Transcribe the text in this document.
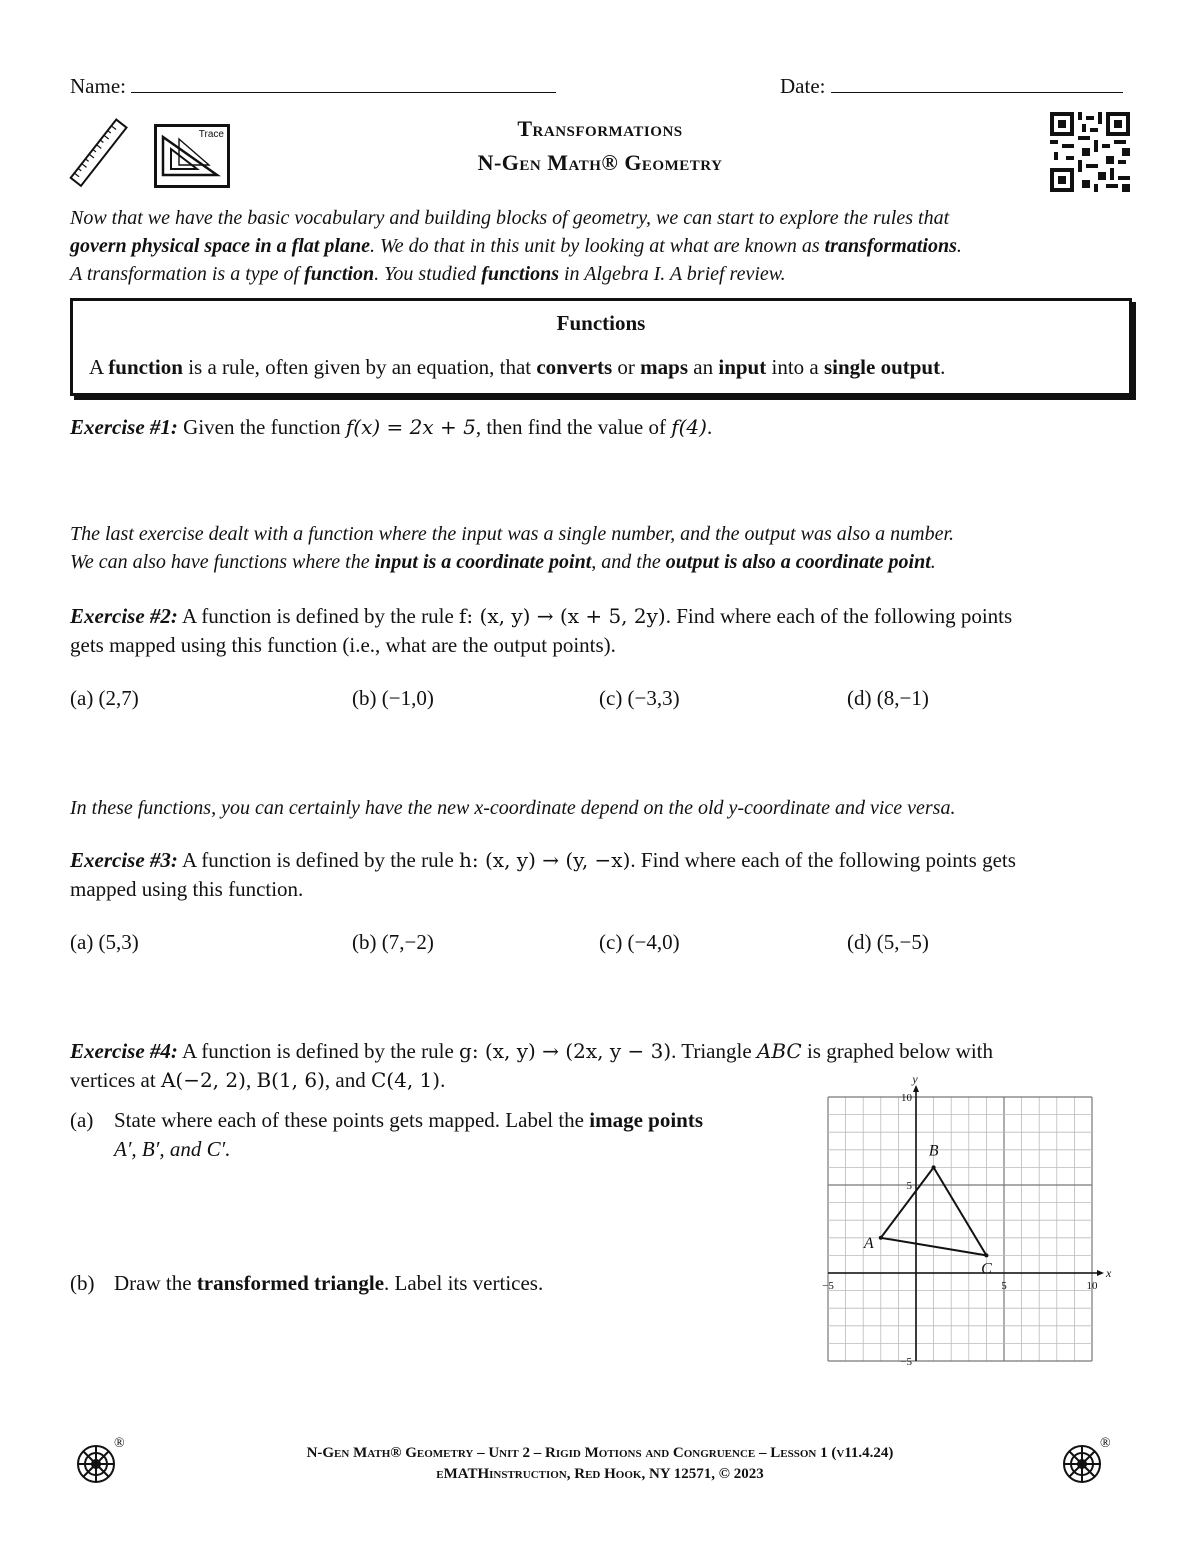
Name:	Date:
Trace	Transformations
N-Gen Math® Geometry
Now that we have the basic vocabulary and building blocks of geometry, we can start to explore the rules that
govern physical space in a flat plane. We do that in this unit by looking at what are known as transformations.
A transformation is a type of function. You studied functions in Algebra I. A brief review.
Functions
A function is a rule, often given by an equation, that converts or maps an input into a single output.
Exercise #1: Given the function f(x) = 2x + 5, then find the value of f(4).
The last exercise dealt with a function where the input was a single number, and the output was also a number.
We can also have functions where the input is a coordinate point, and the output is also a coordinate point.
Exercise #2: A function is defined by the rule f: (x, y) → (x + 5, 2y). Find where each of the following points
gets mapped using this function (i.e., what are the output points).
(a) (2,7)	(b) (−1,0)	(c) (−3,3)	(d) (8,−1)
In these functions, you can certainly have the new x-coordinate depend on the old y-coordinate and vice versa.
Exercise #3: A function is defined by the rule h: (x, y) → (y, −x). Find where each of the following points gets
mapped using this function.
(a) (5,3)	(b) (7,−2)	(c) (−4,0)	(d) (5,−5)
Exercise #4: A function is defined by the rule g: (x, y) → (2x, y − 3). Triangle ABC is graphed below with
vertices at A(−2, 2), B(1, 6), and C(4, 1).
(a) State where each of these points gets mapped. Label the image points
A′, B′, and C′.
(b) Draw the transformed triangle. Label its vertices.	x
y
−5	5	10
10
5
−5
A
B
C
®	®
N-Gen Math® Geometry – Unit 2 – Rigid Motions and Congruence – Lesson 1 (v11.4.24)
eMATHinstruction, Red Hook, NY 12571, © 2023
